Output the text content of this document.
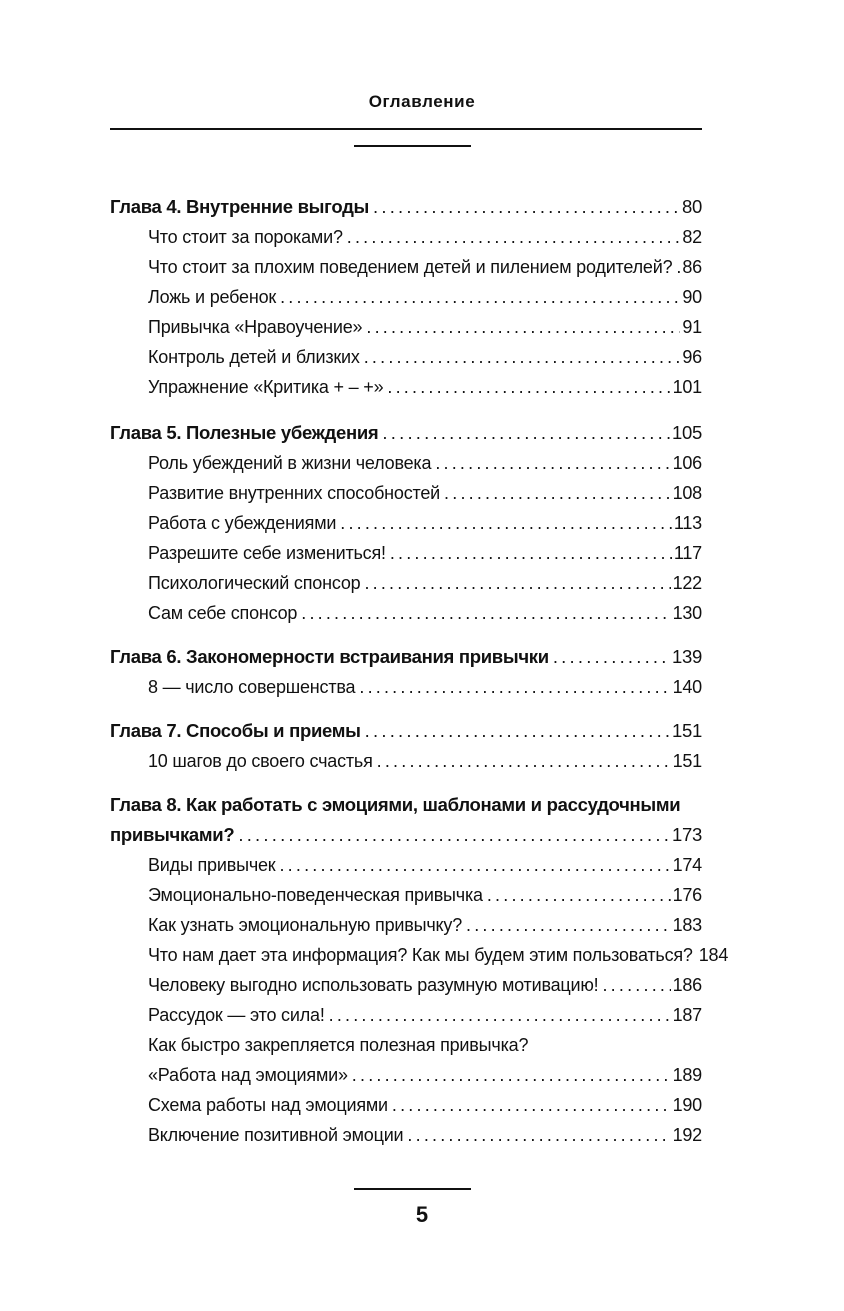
Оглавление
Глава 4. Внутренние выгоды .....	80
Что стоит за пороками? .....	82
Что стоит за плохим поведением детей и пилением родителей? ..... 86
Ложь и ребенок .....	90
Привычка «Нравоучение» .....	91
Контроль детей и близких .....	96
Упражнение «Критика + – +» .....	101
Глава 5. Полезные убеждения .....	105
Роль убеждений в жизни человека .....	106
Развитие внутренних способностей .....	108
Работа с убеждениями .....	113
Разрешите себе измениться! .....	117
Психологический спонсор .....	122
Сам себе спонсор .....	130
Глава 6. Закономерности встраивания привычки .....	139
8 — число совершенства .....	140
Глава 7. Способы и приемы .....	151
10 шагов до своего счастья .....	151
Глава 8. Как работать с эмоциями, шаблонами и рассудочными
привычками? .....	173
Виды привычек .....	174
Эмоционально-поведенческая привычка .....	176
Как узнать эмоциональную привычку? .....	183
Что нам дает эта информация? Как мы будем этим пользоваться? 184
Человеку выгодно использовать разумную мотивацию! .....	186
Рассудок — это сила! .....	187
Как быстро закрепляется полезная привычка?
«Работа над эмоциями» .....	189
Схема работы над эмоциями .....	190
Включение позитивной эмоции .....	192
5
